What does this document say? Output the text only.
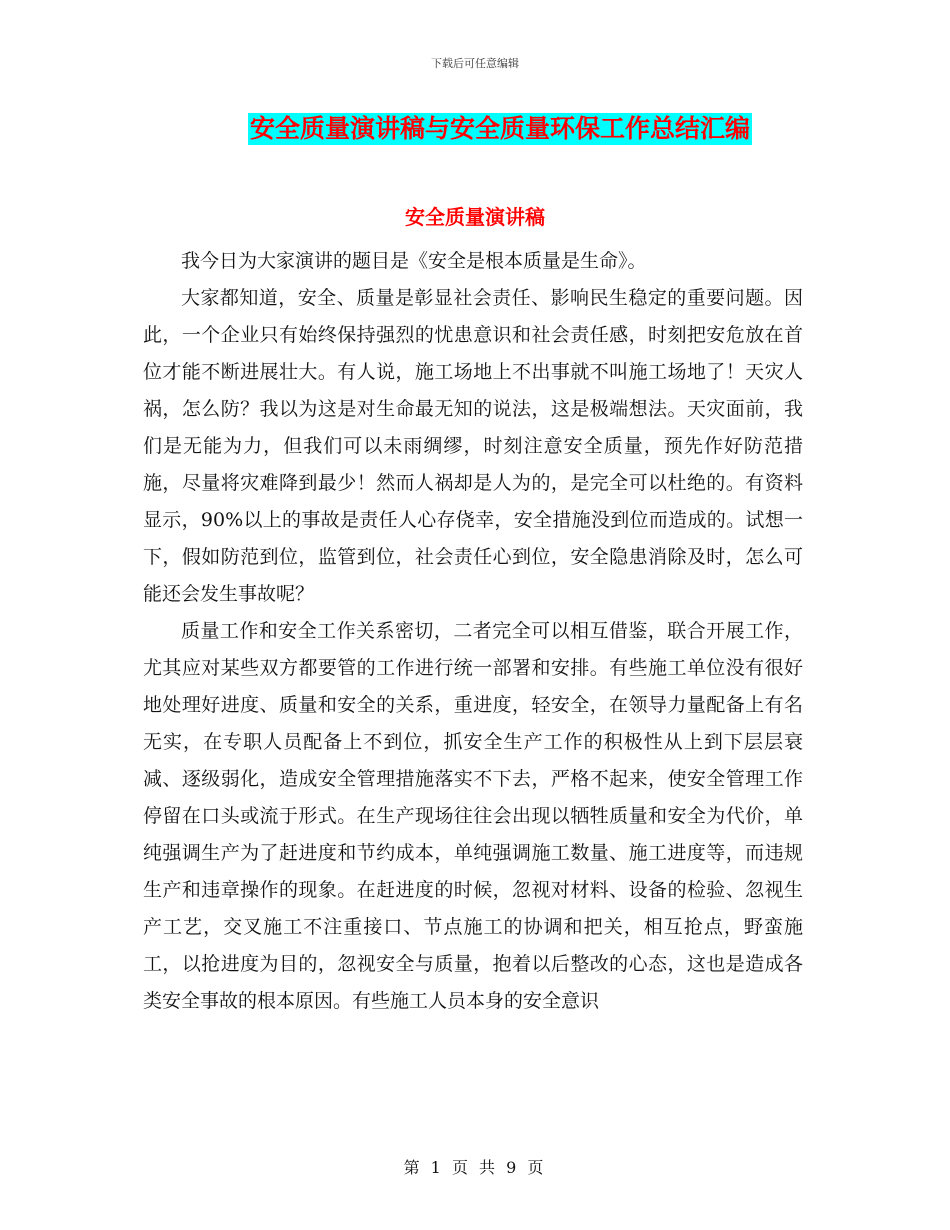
下载后可任意编辑
安全质量演讲稿与安全质量环保工作总结汇编
安全质量演讲稿

我今日为大家演讲的题目是《安全是根本质量是生命》。

大家都知道，安全、质量是彰显社会责任、影响民生稳定的重要问题。因此，一个企业只有始终保持强烈的忧患意识和社会责任感，时刻把安危放在首位才能不断进展壮大。有人说，施工场地上不出事就不叫施工场地了！天灾人祸，怎么防？我以为这是对生命最无知的说法，这是极端想法。天灾面前，我们是无能为力，但我们可以未雨绸缪，时刻注意安全质量，预先作好防范措施，尽量将灾难降到最少！然而人祸却是人为的，是完全可以杜绝的。有资料显示，90%以上的事故是责任人心存侥幸，安全措施没到位而造成的。试想一下，假如防范到位，监管到位，社会责任心到位，安全隐患消除及时，怎么可能还会发生事故呢？

质量工作和安全工作关系密切，二者完全可以相互借鉴，联合开展工作，尤其应对某些双方都要管的工作进行统一部署和安排。有些施工单位没有很好地处理好进度、质量和安全的关系，重进度，轻安全，在领导力量配备上有名无实，在专职人员配备上不到位，抓安全生产工作的积极性从上到下层层衰减、逐级弱化，造成安全管理措施落实不下去，严格不起来，使安全管理工作停留在口头或流于形式。在生产现场往往会出现以牺牲质量和安全为代价，单纯强调生产为了赶进度和节约成本，单纯强调施工数量、施工进度等，而违规生产和违章操作的现象。在赶进度的时候，忽视对材料、设备的检验、忽视生产工艺，交叉施工不注重接口、节点施工的协调和把关，相互抢点，野蛮施工，以抢进度为目的，忽视安全与质量，抱着以后整改的心态，这也是造成各类安全事故的根本原因。有些施工人员本身的安全意识

第 1 页 共 9 页
